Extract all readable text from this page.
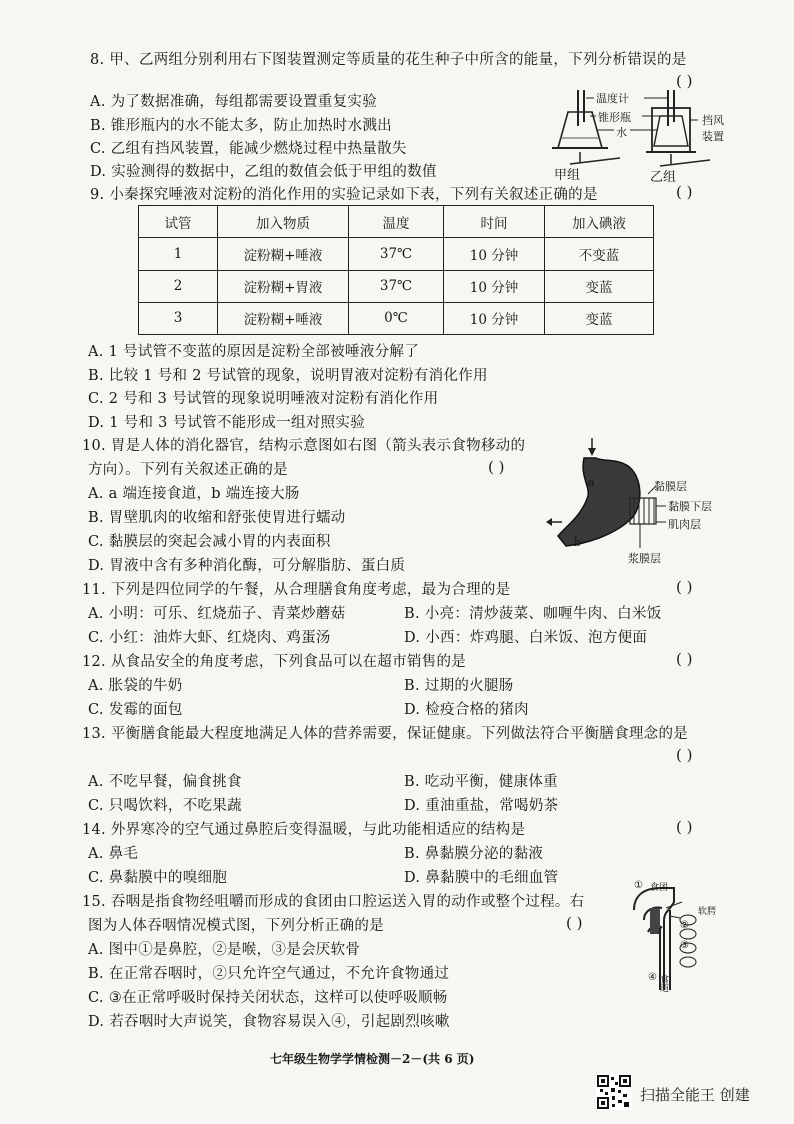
8. 甲、乙两组分别利用右下图装置测定等质量的花生种子中所含的能量，下列分析错误的是
( )
A. 为了数据准确，每组都需要设置重复实验
B. 锥形瓶内的水不能太多，防止加热时水溅出
C. 乙组有挡风装置，能减少燃烧过程中热量散失
D. 实验测得的数据中，乙组的数值会低于甲组的数值
温度计
锥形瓶
水
挡风
装置
甲组	乙组
9. 小秦探究唾液对淀粉的消化作用的实验记录如下表，下列有关叙述正确的是	( )
试管	加入物质	温度	时间	加入碘液
1	淀粉糊+唾液	37℃	10 分钟	不变蓝
2	淀粉糊+胃液	37℃	10 分钟	变蓝
3	淀粉糊+唾液	0℃	10 分钟	变蓝
A. 1 号试管不变蓝的原因是淀粉全部被唾液分解了
B. 比较 1 号和 2 号试管的现象，说明胃液对淀粉有消化作用
C. 2 号和 3 号试管的现象说明唾液对淀粉有消化作用
D. 1 号和 3 号试管不能形成一组对照实验
10. 胃是人体的消化器官，结构示意图如右图（箭头表示食物移动的
方向）。下列有关叙述正确的是	( )
A. a 端连接食道，b 端连接大肠
B. 胃壁肌肉的收缩和舒张使胃进行蠕动
C. 黏膜层的突起会减小胃的内表面积
D. 胃液中含有多种消化酶，可分解脂肪、蛋白质
黏膜层
黏膜下层
肌肉层
浆膜层
a
b
11. 下列是四位同学的午餐，从合理膳食角度考虑，最为合理的是	( )
A. 小明：可乐、红烧茄子、青菜炒蘑菇	B. 小亮：清炒菠菜、咖喱牛肉、白米饭
C. 小红：油炸大虾、红烧肉、鸡蛋汤	D. 小西：炸鸡腿、白米饭、泡方便面
12. 从食品安全的角度考虑，下列食品可以在超市销售的是	( )
A. 胀袋的牛奶	B. 过期的火腿肠
C. 发霉的面包	D. 检疫合格的猪肉
13. 平衡膳食能最大程度地满足人体的营养需要，保证健康。下列做法符合平衡膳食理念的是
( )
A. 不吃早餐，偏食挑食	B. 吃动平衡，健康体重
C. 只喝饮料，不吃果蔬	D. 重油重盐，常喝奶茶
14. 外界寒冷的空气通过鼻腔后变得温暖，与此功能相适应的结构是	( )
A. 鼻毛	B. 鼻黏膜分泌的黏液
C. 鼻黏膜中的嗅细胞	D. 鼻黏膜中的毛细血管
15. 吞咽是指食物经咀嚼而形成的食团由口腔运送入胃的动作或整个过程。右
图为人体吞咽情况模式图，下列分析正确的是	( )
A. 图中①是鼻腔，②是喉，③是会厌软骨
B. 在正常吞咽时，②只允许空气通过，不允许食物通过
C. ③在正常呼吸时保持关闭状态，这样可以使呼吸顺畅
D. 若吞咽时大声说笑，食物容易误入④，引起剧烈咳嗽
① 食团
②
③
软腭
④ 食道
七年级生物学学情检测－2－(共 6 页)
扫描全能王 创建
